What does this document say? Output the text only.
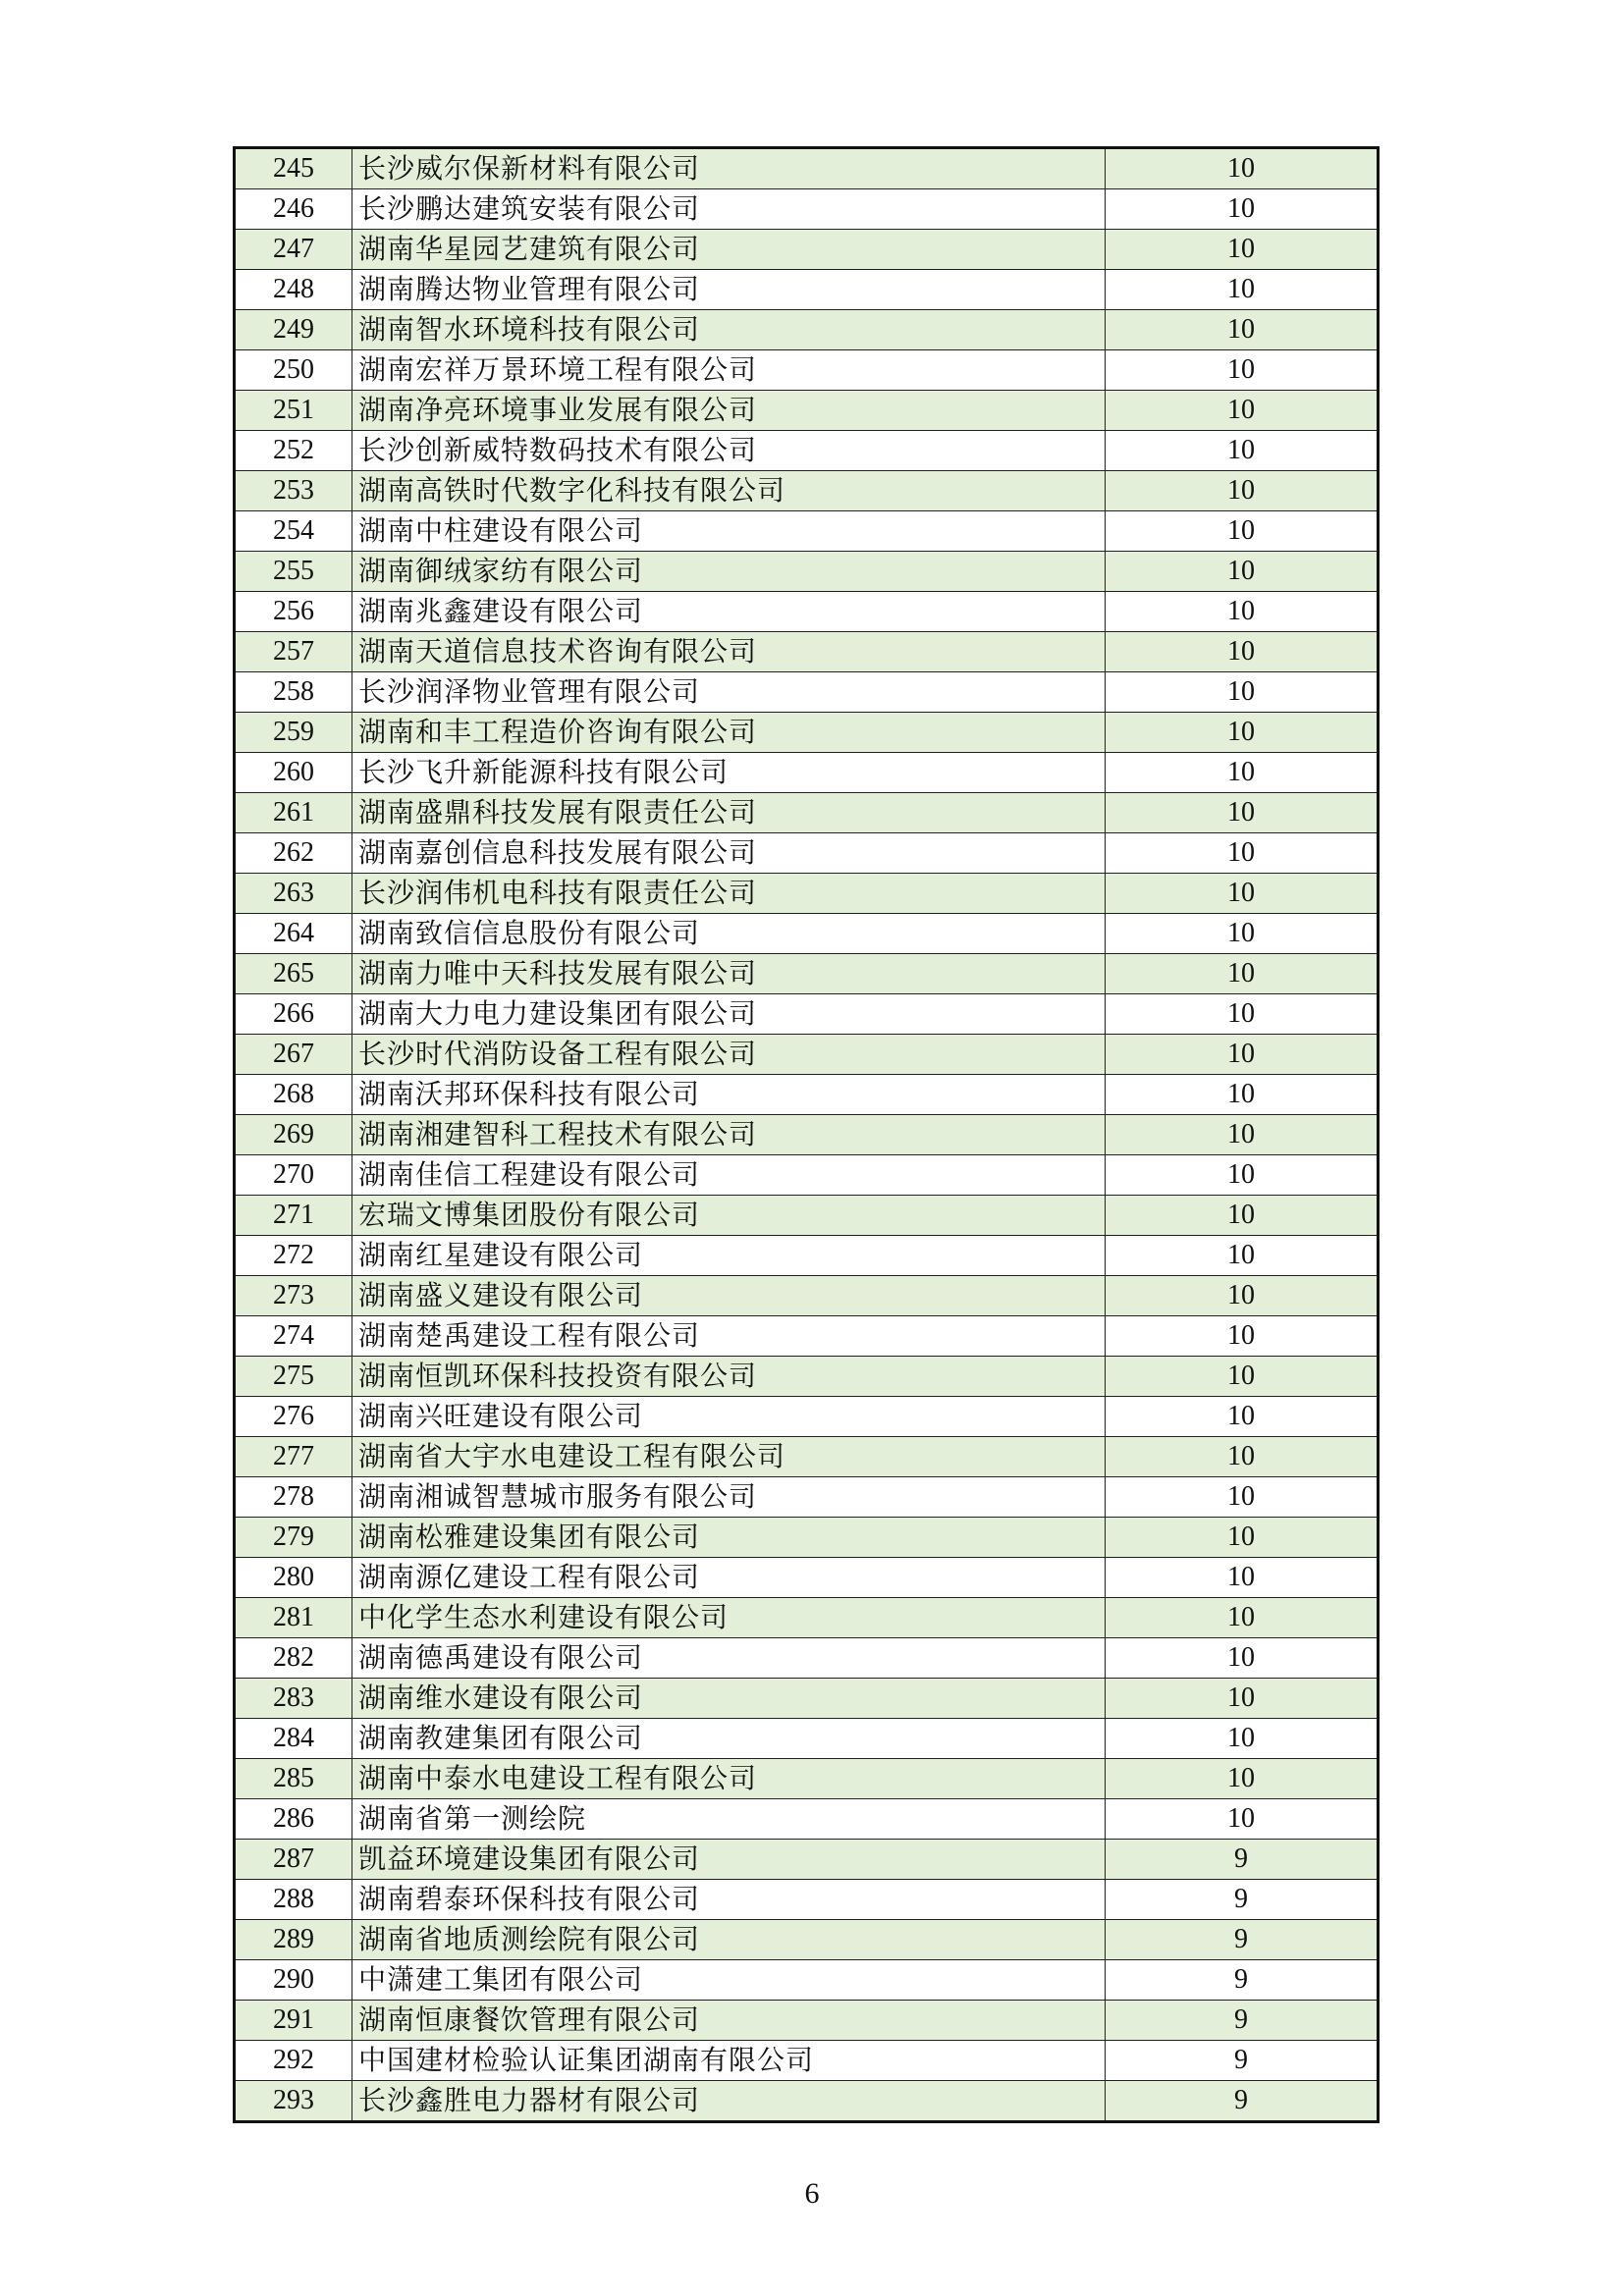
245	长沙威尔保新材料有限公司	10
246	长沙鹏达建筑安装有限公司	10
247	湖南华星园艺建筑有限公司	10
248	湖南腾达物业管理有限公司	10
249	湖南智水环境科技有限公司	10
250	湖南宏祥万景环境工程有限公司	10
251	湖南净亮环境事业发展有限公司	10
252	长沙创新威特数码技术有限公司	10
253	湖南高铁时代数字化科技有限公司	10
254	湖南中柱建设有限公司	10
255	湖南御绒家纺有限公司	10
256	湖南兆鑫建设有限公司	10
257	湖南天道信息技术咨询有限公司	10
258	长沙润泽物业管理有限公司	10
259	湖南和丰工程造价咨询有限公司	10
260	长沙飞升新能源科技有限公司	10
261	湖南盛鼎科技发展有限责任公司	10
262	湖南嘉创信息科技发展有限公司	10
263	长沙润伟机电科技有限责任公司	10
264	湖南致信信息股份有限公司	10
265	湖南力唯中天科技发展有限公司	10
266	湖南大力电力建设集团有限公司	10
267	长沙时代消防设备工程有限公司	10
268	湖南沃邦环保科技有限公司	10
269	湖南湘建智科工程技术有限公司	10
270	湖南佳信工程建设有限公司	10
271	宏瑞文博集团股份有限公司	10
272	湖南红星建设有限公司	10
273	湖南盛义建设有限公司	10
274	湖南楚禹建设工程有限公司	10
275	湖南恒凯环保科技投资有限公司	10
276	湖南兴旺建设有限公司	10
277	湖南省大宇水电建设工程有限公司	10
278	湖南湘诚智慧城市服务有限公司	10
279	湖南松雅建设集团有限公司	10
280	湖南源亿建设工程有限公司	10
281	中化学生态水利建设有限公司	10
282	湖南德禹建设有限公司	10
283	湖南维水建设有限公司	10
284	湖南教建集团有限公司	10
285	湖南中泰水电建设工程有限公司	10
286	湖南省第一测绘院	10
287	凯益环境建设集团有限公司	9
288	湖南碧泰环保科技有限公司	9
289	湖南省地质测绘院有限公司	9
290	中潇建工集团有限公司	9
291	湖南恒康餐饮管理有限公司	9
292	中国建材检验认证集团湖南有限公司	9
293	长沙鑫胜电力器材有限公司	9
6
